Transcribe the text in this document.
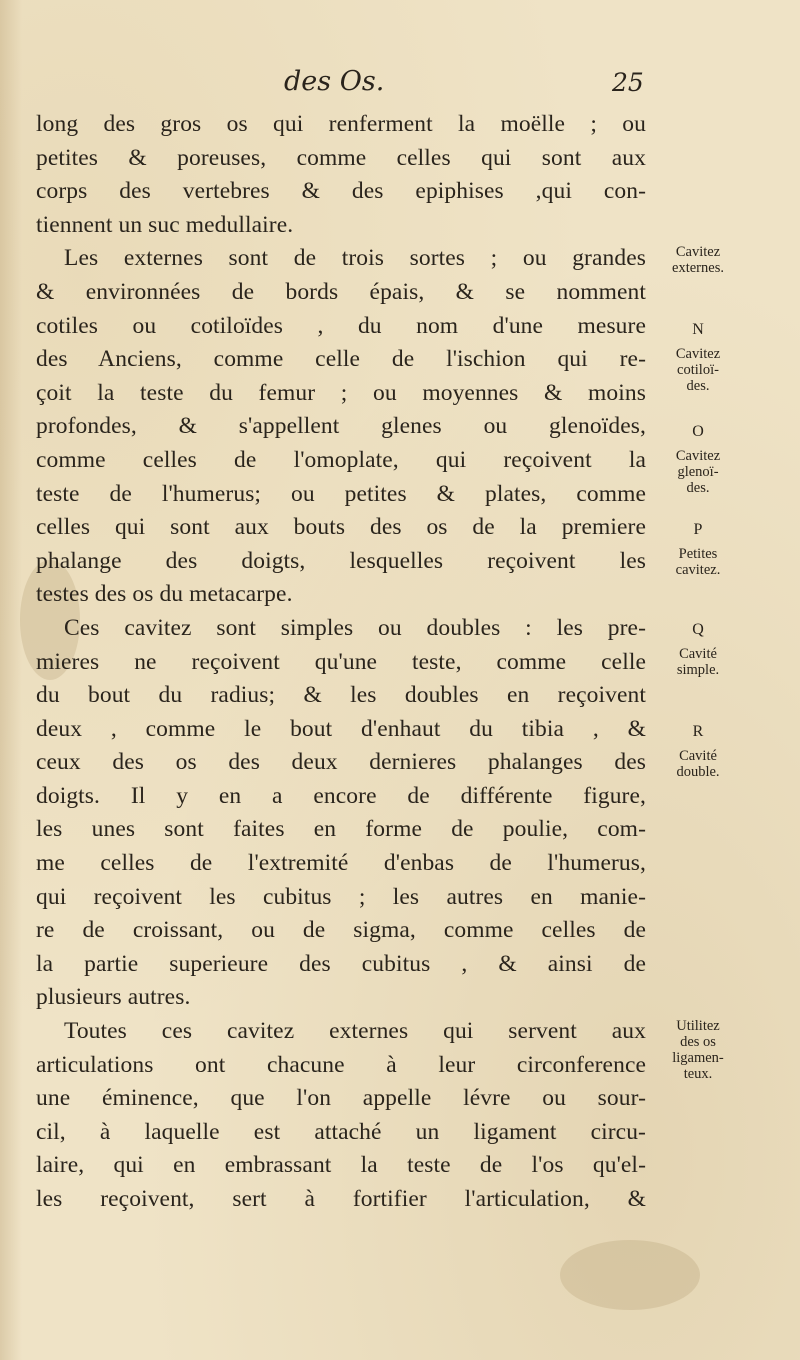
des Os.	25
long des gros os qui renferment la moëlle ; ou
petites & poreuses, comme celles qui sont aux
corps des vertebres & des epiphises ,qui con-
tiennent un suc medullaire.
Les externes sont de trois sortes ; ou grandes
& environnées de bords épais, & se nomment
cotiles ou cotiloïdes , du nom d'une mesure
des Anciens, comme celle de l'ischion qui re-
çoit la teste du femur ; ou moyennes & moins
profondes, & s'appellent glenes ou glenoïdes,
comme celles de l'omoplate, qui reçoivent la
teste de l'humerus; ou petites & plates, comme
celles qui sont aux bouts des os de la premiere
phalange des doigts, lesquelles reçoivent les
testes des os du metacarpe.
Ces cavitez sont simples ou doubles : les pre-
mieres ne reçoivent qu'une teste, comme celle
du bout du radius; & les doubles en reçoivent
deux , comme le bout d'enhaut du tibia , &
ceux des os des deux dernieres phalanges des
doigts. Il y en a encore de différente figure,
les unes sont faites en forme de poulie, com-
me celles de l'extremité d'enbas de l'humerus,
qui reçoivent les cubitus ; les autres en manie-
re de croissant, ou de sigma, comme celles de
la partie superieure des cubitus , & ainsi de
plusieurs autres.
Toutes ces cavitez externes qui servent aux
articulations ont chacune à leur circonference
une éminence, que l'on appelle lévre ou sour-
cil, à laquelle est attaché un ligament circu-
laire, qui en embrassant la teste de l'os qu'el-
les reçoivent, sert à fortifier l'articulation, &
Cavitez
externes.
N
Cavitez
cotiloï-
des.
O
Cavitez
glenoï-
des.
P
Petites
cavitez.
Q
Cavité
simple.
R
Cavité
double.
Utilitez
des os
ligamen-
teux.
